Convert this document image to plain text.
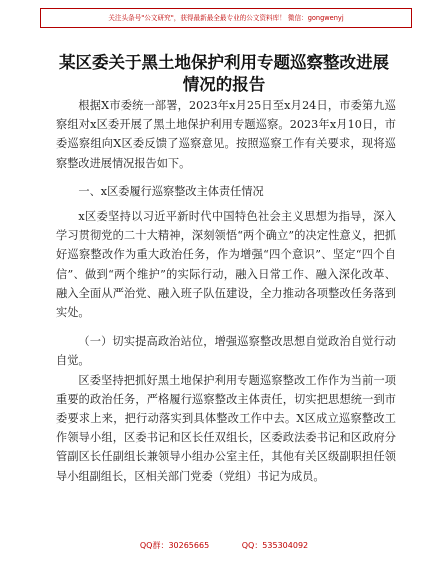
关注头条号"公文研究"，获得最新最全最专业的公文资料库！ 微信：gongwenyj
某区委关于黑土地保护利用专题巡察整改进展
情况的报告

根据X市委统一部署，2023年x月25日至x月24日，市委第九巡察组对x区委开展了黑土地保护利用专题巡察。2023年x月10日，市委巡察组向X区委反馈了巡察意见。按照巡察工作有关要求，现将巡察整改进展情况报告如下。

一、x区委履行巡察整改主体责任情况

x区委坚持以习近平新时代中国特色社会主义思想为指导，深入学习贯彻党的二十大精神，深刻领悟“两个确立”的决定性意义，把抓好巡察整改作为重大政治任务，作为增强“四个意识”、坚定“四个自信”、做到“两个维护”的实际行动，融入日常工作、融入深化改革、融入全面从严治党、融入班子队伍建设，全力推动各项整改任务落到实处。

（一）切实提高政治站位，增强巡察整改思想自觉政治自觉行动自觉。

区委坚持把抓好黑土地保护利用专题巡察整改工作作为当前一项重要的政治任务，严格履行巡察整改主体责任，切实把思想统一到市委要求上来，把行动落实到具体整改工作中去。X区成立巡察整改工作领导小组，区委书记和区长任双组长，区委政法委书记和区政府分管副区长任副组长兼领导小组办公室主任，其他有关区级副职担任领导小组副组长，区相关部门党委（党组）书记为成员。

QQ群：30265665	QQ：535304092
